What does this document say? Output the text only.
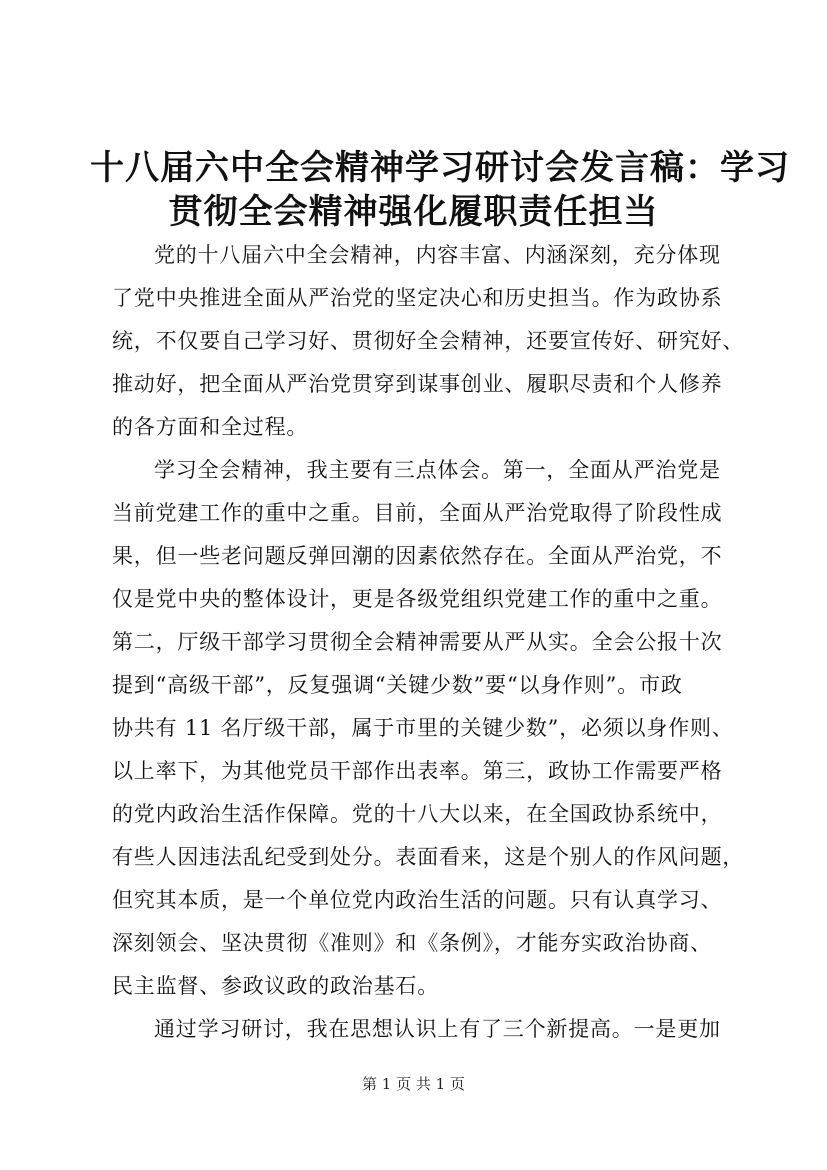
十八届六中全会精神学习研讨会发言稿：学习
贯彻全会精神强化履职责任担当
党的十八届六中全会精神，内容丰富、内涵深刻，充分体现
了党中央推进全面从严治党的坚定决心和历史担当。作为政协系
统，不仅要自己学习好、贯彻好全会精神，还要宣传好、研究好、
推动好，把全面从严治党贯穿到谋事创业、履职尽责和个人修养
的各方面和全过程。
学习全会精神，我主要有三点体会。第一，全面从严治党是
当前党建工作的重中之重。目前，全面从严治党取得了阶段性成
果，但一些老问题反弹回潮的因素依然存在。全面从严治党，不
仅是党中央的整体设计，更是各级党组织党建工作的重中之重。
第二，厅级干部学习贯彻全会精神需要从严从实。全会公报十次
提到“高级干部”，反复强调“关键少数”要“以身作则”。市政
协共有 11 名厅级干部，属于市里的关键少数”，必须以身作则、
以上率下，为其他党员干部作出表率。第三，政协工作需要严格
的党内政治生活作保障。党的十八大以来，在全国政协系统中，
有些人因违法乱纪受到处分。表面看来，这是个别人的作风问题，
但究其本质，是一个单位党内政治生活的问题。只有认真学习、
深刻领会、坚决贯彻《准则》和《条例》，才能夯实政治协商、
民主监督、参政议政的政治基石。
通过学习研讨，我在思想认识上有了三个新提高。一是更加
第 1 页 共 1 页
